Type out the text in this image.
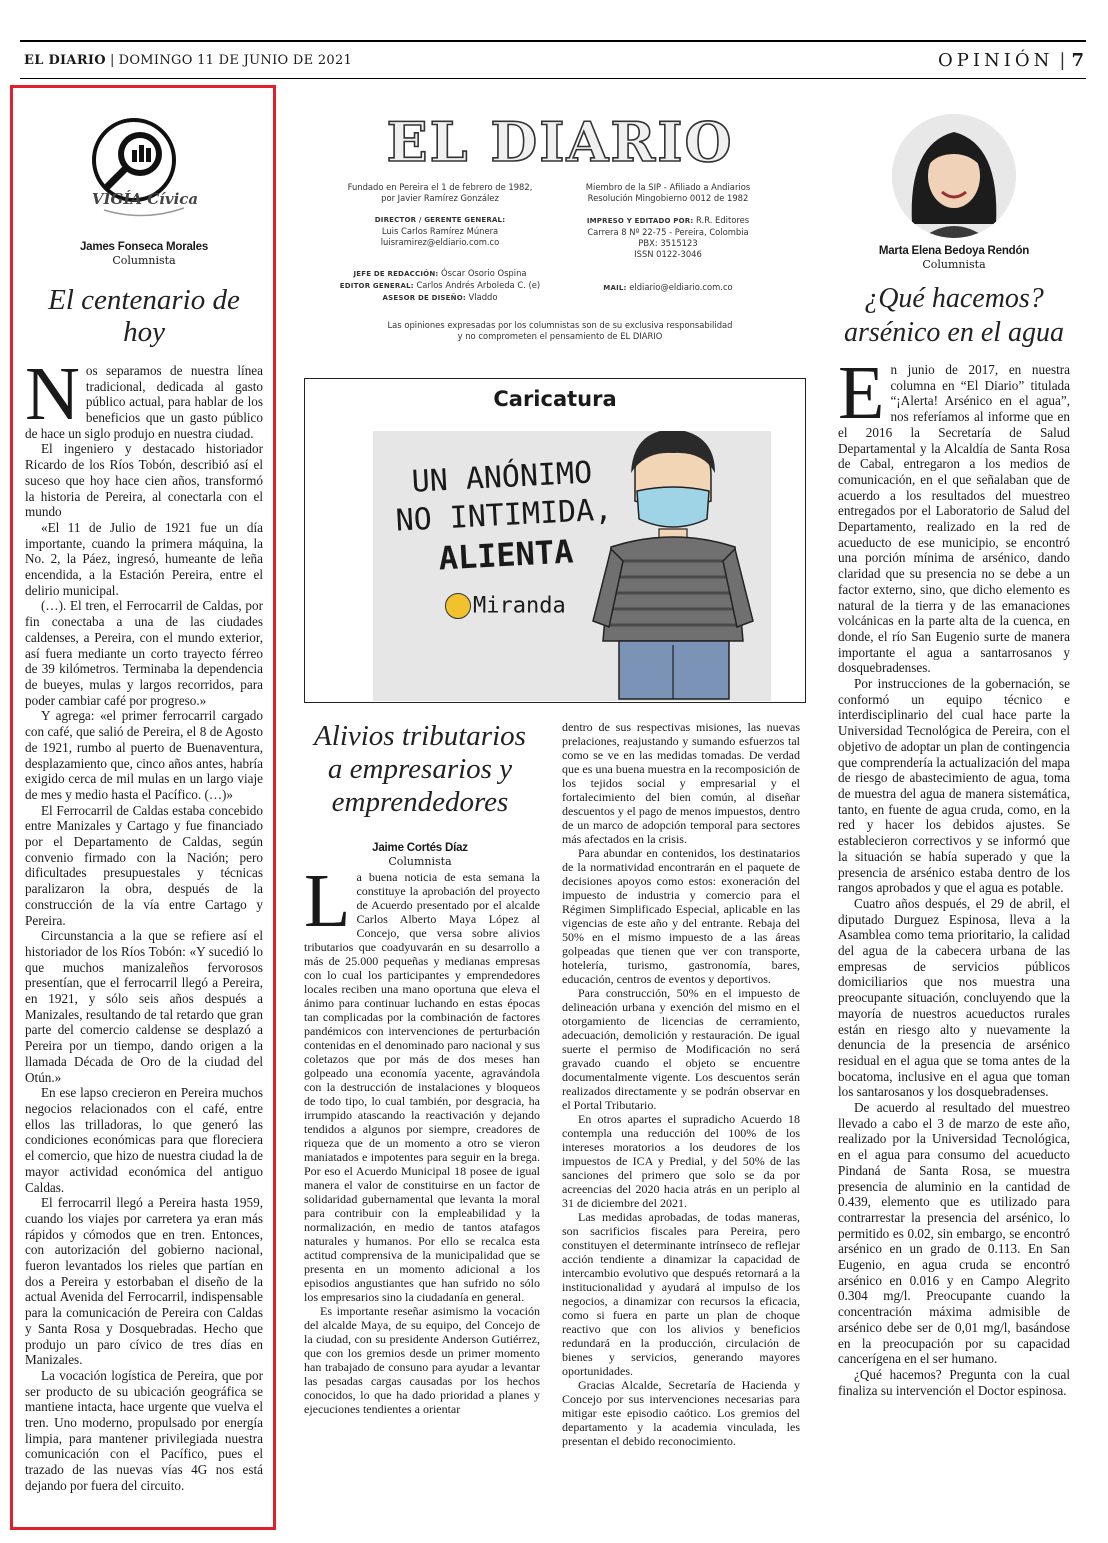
EL DIARIO | DOMINGO 11 DE JUNIO DE 2021	OPINIÓN | 7
VIGÍA Cívica
James Fonseca Morales
Columnista
El centenario de hoy

Nos separamos de nuestra línea tradicional, dedicada al gasto público actual, para hablar de los beneficios que un gasto público de hace un siglo produjo en nuestra ciudad.

El ingeniero y destacado historiador Ricardo de los Ríos Tobón, describió así el suceso que hoy hace cien años, transformó la historia de Pereira, al conectarla con el mundo

«El 11 de Julio de 1921 fue un día importante, cuando la primera máquina, la No. 2, la Páez, ingresó, humeante de leña encendida, a la Estación Pereira, entre el delirio municipal.

(…). El tren, el Ferrocarril de Caldas, por fin conectaba a una de las ciudades caldenses, a Pereira, con el mundo exterior, así fuera mediante un corto trayecto férreo de 39 kilómetros. Terminaba la dependencia de bueyes, mulas y largos recorridos, para poder cambiar café por progreso.»

Y agrega: «el primer ferrocarril cargado con café, que salió de Pereira, el 8 de Agosto de 1921, rumbo al puerto de Buenaventura, desplazamiento que, cinco años antes, habría exigido cerca de mil mulas en un largo viaje de mes y medio hasta el Pacífico. (…)»

El Ferrocarril de Caldas estaba concebido entre Manizales y Cartago y fue financiado por el Departamento de Caldas, según convenio firmado con la Nación; pero dificultades presupuestales y técnicas paralizaron la obra, después de la construcción de la vía entre Cartago y Pereira.

Circunstancia a la que se refiere así el historiador de los Ríos Tobón: «Y sucedió lo que muchos manizaleños fervorosos presentían, que el ferrocarril llegó a Pereira, en 1921, y sólo seis años después a Manizales, resultando de tal retardo que gran parte del comercio caldense se desplazó a Pereira por un tiempo, dando origen a la llamada Década de Oro de la ciudad del Otún.»

En ese lapso crecieron en Pereira muchos negocios relacionados con el café, entre ellos las trilladoras, lo que generó las condiciones económicas para que floreciera el comercio, que hizo de nuestra ciudad la de mayor actividad económica del antiguo Caldas.

El ferrocarril llegó a Pereira hasta 1959, cuando los viajes por carretera ya eran más rápidos y cómodos que en tren. Entonces, con autorización del gobierno nacional, fueron levantados los rieles que partían en dos a Pereira y estorbaban el diseño de la actual Avenida del Ferrocarril, indispensable para la comunicación de Pereira con Caldas y Santa Rosa y Dosquebradas. Hecho que produjo un paro cívico de tres días en Manizales.

La vocación logística de Pereira, que por ser producto de su ubicación geográfica se mantiene intacta, hace urgente que vuelva el tren. Uno moderno, propulsado por energía limpia, para mantener privilegiada nuestra comunicación con el Pacífico, pues el trazado de las nuevas vías 4G nos está dejando por fuera del circuito.

EL DIARIO
Fundado en Pereira el 1 de febrero de 1982,
por Javier Ramírez González
DIRECTOR / GERENTE GENERAL:
Luis Carlos Ramírez Múnera
luisramirez@eldiario.com.co
Miembro de la SIP - Afiliado a Andiarios
Resolución Mingobierno 0012 de 1982
IMPRESO Y EDITADO POR: R.R. Editores
Carrera 8 Nº 22-75 - Pereira, Colombia
PBX: 3515123
ISSN 0122-3046
JEFE DE REDACCIÓN: Óscar Osorio Ospina
EDITOR GENERAL: Carlos Andrés Arboleda C. (e)
ASESOR DE DISEÑO: Vladdo
MAIL: eldiario@eldiario.com.co
Las opiniones expresadas por los columnistas son de su exclusiva responsabilidad
y no comprometen el pensamiento de EL DIARIO
Caricatura
UN ANÓNIMO
NO INTIMIDA,
ALIENTA
Miranda
Alivios tributarios
a empresarios y
emprendedores
Jaime Cortés Díaz
Columnista

La buena noticia de esta semana la constituye la aprobación del proyecto de Acuerdo presentado por el alcalde Carlos Alberto Maya López al Concejo, que versa sobre alivios tributarios que coadyuvarán en su desarrollo a más de 25.000 pequeñas y medianas empresas con lo cual los participantes y emprendedores locales reciben una mano oportuna que eleva el ánimo para continuar luchando en estas épocas tan complicadas por la combinación de factores pandémicos con intervenciones de perturbación contenidas en el denominado paro nacional y sus coletazos que por más de dos meses han golpeado una economía yacente, agravándola con la destrucción de instalaciones y bloqueos de todo tipo, lo cual también, por desgracia, ha irrumpido atascando la reactivación y dejando tendidos a algunos por siempre, creadores de riqueza que de un momento a otro se vieron maniatados e impotentes para seguir en la brega. Por eso el Acuerdo Municipal 18 posee de igual manera el valor de constituirse en un factor de solidaridad gubernamental que levanta la moral para contribuir con la empleabilidad y la normalización, en medio de tantos atafagos naturales y humanos. Por ello se recalca esta actitud comprensiva de la municipalidad que se presenta en un momento adicional a los episodios angustiantes que han sufrido no sólo los empresarios sino la ciudadanía en general.

Es importante reseñar asimismo la vocación del alcalde Maya, de su equipo, del Concejo de la ciudad, con su presidente Anderson Gutiérrez, que con los gremios desde un primer momento han trabajado de consuno para ayudar a levantar las pesadas cargas causadas por los hechos conocidos, lo que ha dado prioridad a planes y ejecuciones tendientes a orientar

dentro de sus respectivas misiones, las nuevas prelaciones, reajustando y sumando esfuerzos tal como se ve en las medidas tomadas. De verdad que es una buena muestra en la recomposición de los tejidos social y empresarial y el fortalecimiento del bien común, al diseñar descuentos y el pago de menos impuestos, dentro de un marco de adopción temporal para sectores más afectados en la crisis.

Para abundar en contenidos, los destinatarios de la normatividad encontrarán en el paquete de decisiones apoyos como estos: exoneración del impuesto de industria y comercio para el Régimen Simplificado Especial, aplicable en las vigencias de este año y del entrante. Rebaja del 50% en el mismo impuesto de a las áreas golpeadas que tienen que ver con transporte, hotelería, turismo, gastronomía, bares, educación, centros de eventos y deportivos.

Para construcción, 50% en el impuesto de delineación urbana y exención del mismo en el otorgamiento de licencias de cerramiento, adecuación, demolición y restauración. De igual suerte el permiso de Modificación no será gravado cuando el objeto se encuentre documentalmente vigente. Los descuentos serán realizados directamente y se podrán observar en el Portal Tributario.

En otros apartes el supradicho Acuerdo 18 contempla una reducción del 100% de los intereses moratorios a los deudores de los impuestos de ICA y Predial, y del 50% de las sanciones del primero que solo se da por acreencias del 2020 hacia atrás en un periplo al 31 de diciembre del 2021.

Las medidas aprobadas, de todas maneras, son sacrificios fiscales para Pereira, pero constituyen el determinante intrínseco de reflejar acción tendiente a dinamizar la capacidad de intercambio evolutivo que después retornará a la institucionalidad y ayudará al impulso de los negocios, a dinamizar con recursos la eficacia, como si fuera en parte un plan de choque reactivo que con los alivios y beneficios redundará en la producción, circulación de bienes y servicios, generando mayores oportunidades.

Gracias Alcalde, Secretaría de Hacienda y Concejo por sus intervenciones necesarias para mitigar este episodio caótico. Los gremios del departamento y la academia vinculada, les presentan el debido reconocimiento.

Marta Elena Bedoya Rendón
Columnista
¿Qué hacemos?
arsénico en el agua

En junio de 2017, en nuestra columna en “El Diario” titulada “¡Alerta! Arsénico en el agua”, nos referíamos al informe que en el 2016 la Secretaría de Salud Departamental y la Alcaldía de Santa Rosa de Cabal, entregaron a los medios de comunicación, en el que señalaban que de acuerdo a los resultados del muestreo entregados por el Laboratorio de Salud del Departamento, realizado en la red de acueducto de ese municipio, se encontró una porción mínima de arsénico, dando claridad que su presencia no se debe a un factor externo, sino, que dicho elemento es natural de la tierra y de las emanaciones volcánicas en la parte alta de la cuenca, en donde, el río San Eugenio surte de manera importante el agua a santarrosanos y dosquebradenses.

Por instrucciones de la gobernación, se conformó un equipo técnico e interdisciplinario del cual hace parte la Universidad Tecnológica de Pereira, con el objetivo de adoptar un plan de contingencia que comprendería la actualización del mapa de riesgo de abastecimiento de agua, toma de muestra del agua de manera sistemática, tanto, en fuente de agua cruda, como, en la red y hacer los debidos ajustes. Se establecieron correctivos y se informó que la situación se había superado y que la presencia de arsénico estaba dentro de los rangos aprobados y que el agua es potable.

Cuatro años después, el 29 de abril, el diputado Durguez Espinosa, lleva a la Asamblea como tema prioritario, la calidad del agua de la cabecera urbana de las empresas de servicios públicos domiciliarios que nos muestra una preocupante situación, concluyendo que la mayoría de nuestros acueductos rurales están en riesgo alto y nuevamente la denuncia de la presencia de arsénico residual en el agua que se toma antes de la bocatoma, inclusive en el agua que toman los santarosanos y los dosquebradenses.

De acuerdo al resultado del muestreo llevado a cabo el 3 de marzo de este año, realizado por la Universidad Tecnológica, en el agua para consumo del acueducto Pindaná de Santa Rosa, se muestra presencia de aluminio en la cantidad de 0.439, elemento que es utilizado para contrarrestar la presencia del arsénico, lo permitido es 0.02, sin embargo, se encontró arsénico en un grado de 0.113. En San Eugenio, en agua cruda se encontró arsénico en 0.016 y en Campo Alegrito 0.304 mg/l. Preocupante cuando la concentración máxima admisible de arsénico debe ser de 0,01 mg/l, basándose en la preocupación por su capacidad cancerígena en el ser humano.

¿Qué hacemos? Pregunta con la cual finaliza su intervención el Doctor espinosa.
